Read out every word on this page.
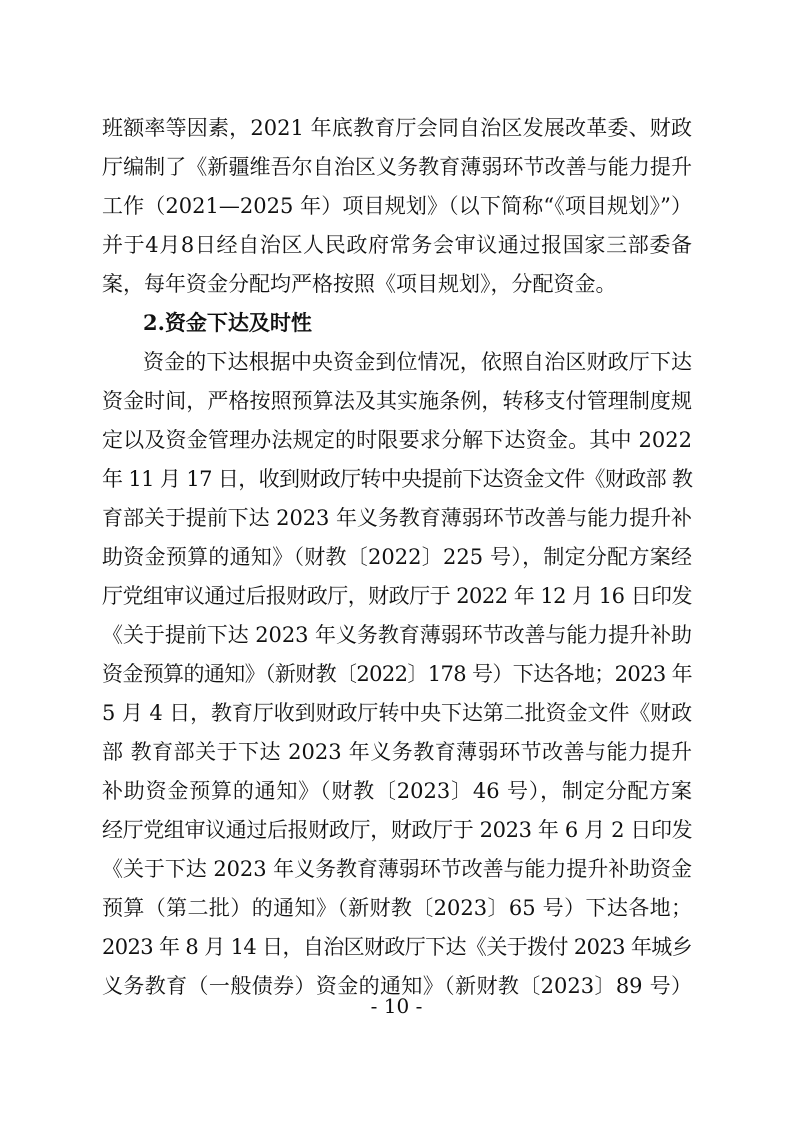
班额率等因素，2021 年底教育厅会同自治区发展改革委、财政
厅编制了《新疆维吾尔自治区义务教育薄弱环节改善与能力提升
工作（2021—2025 年）项目规划》（以下简称“《项目规划》”）
并于4月8日经自治区人民政府常务会审议通过报国家三部委备
案，每年资金分配均严格按照《项目规划》，分配资金。
2.资金下达及时性
资金的下达根据中央资金到位情况，依照自治区财政厅下达
资金时间，严格按照预算法及其实施条例，转移支付管理制度规
定以及资金管理办法规定的时限要求分解下达资金。其中 2022
年 11 月 17 日，收到财政厅转中央提前下达资金文件《财政部 教
育部关于提前下达 2023 年义务教育薄弱环节改善与能力提升补
助资金预算的通知》（财教〔2022〕225 号），制定分配方案经
厅党组审议通过后报财政厅，财政厅于 2022 年 12 月 16 日印发
《关于提前下达 2023 年义务教育薄弱环节改善与能力提升补助
资金预算的通知》（新财教〔2022〕178 号）下达各地；2023 年
5 月 4 日，教育厅收到财政厅转中央下达第二批资金文件《财政
部 教育部关于下达 2023 年义务教育薄弱环节改善与能力提升
补助资金预算的通知》（财教〔2023〕46 号），制定分配方案
经厅党组审议通过后报财政厅，财政厅于 2023 年 6 月 2 日印发
《关于下达 2023 年义务教育薄弱环节改善与能力提升补助资金
预算（第二批）的通知》（新财教〔2023〕65 号）下达各地；
2023 年 8 月 14 日，自治区财政厅下达《关于拨付 2023 年城乡
义务教育（一般债券）资金的通知》（新财教〔2023〕89 号）
- 10 -
